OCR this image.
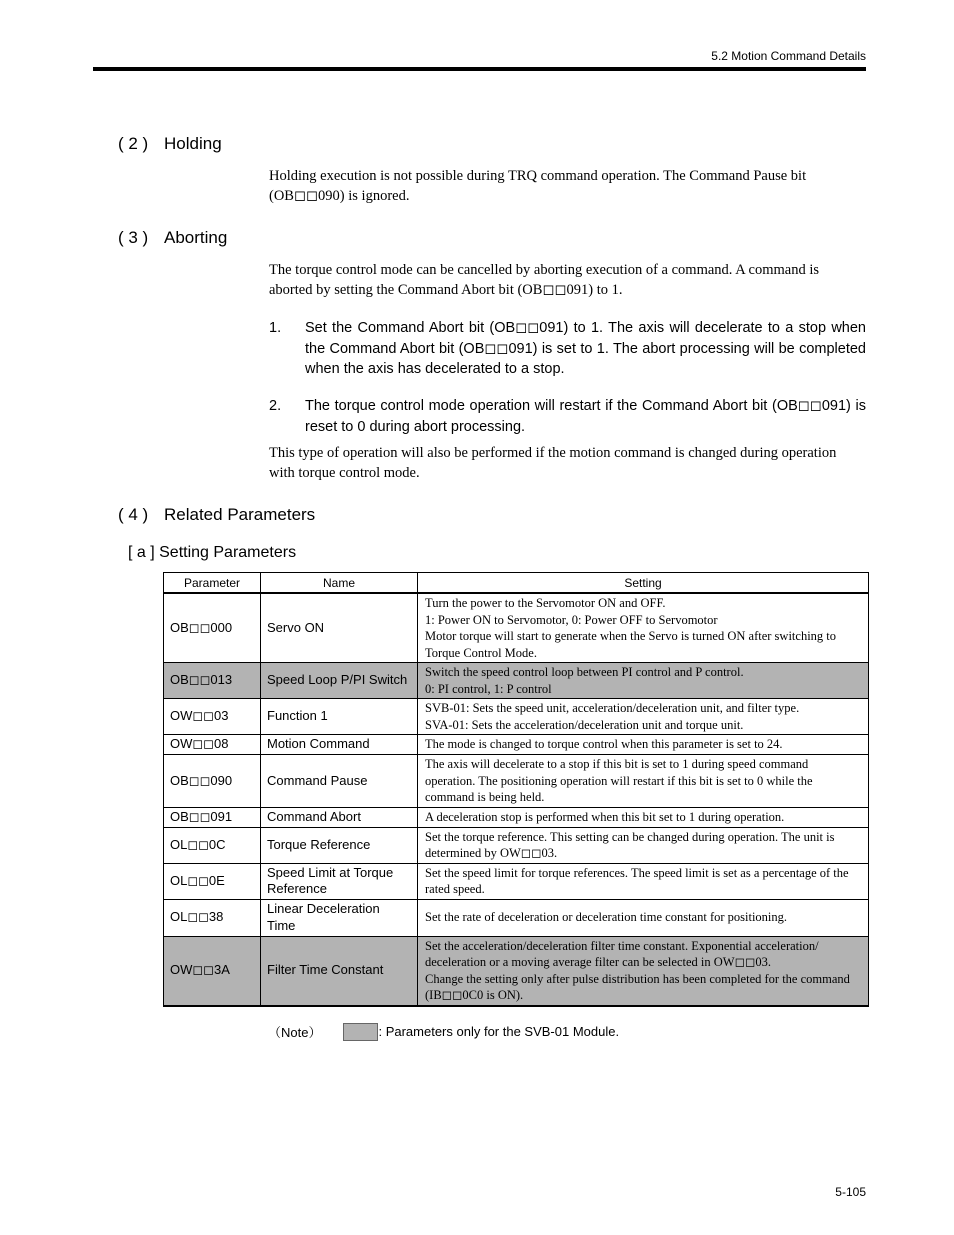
5.2 Motion Command Details
( 2 ) Holding
Holding execution is not possible during TRQ command operation. The Command Pause bit (OB◻◻090) is ignored.
( 3 ) Aborting
The torque control mode can be cancelled by aborting execution of a command. A command is aborted by setting the Command Abort bit (OB◻◻091) to 1.
1.	Set the Command Abort bit (OB◻◻091) to 1. The axis will decelerate to a stop when the Command Abort bit (OB◻◻091) is set to 1. The abort processing will be completed when the axis has decelerated to a stop.
2.	The torque control mode operation will restart if the Command Abort bit (OB◻◻091) is reset to 0 during abort processing.
This type of operation will also be performed if the motion command is changed during operation with torque control mode.
( 4 ) Related Parameters
[ a ] Setting Parameters
Parameter	Name	Setting
OB◻◻000	Servo ON	Turn the power to the Servomotor ON and OFF.
1: Power ON to Servomotor, 0: Power OFF to Servomotor
Motor torque will start to generate when the Servo is turned ON after switching to Torque Control Mode.

OB◻◻013	Speed Loop P/PI Switch	Switch the speed control loop between PI control and P control.
0: PI control, 1: P control

OW◻◻03	Function 1	SVB-01: Sets the speed unit, acceleration/deceleration unit, and filter type.
SVA-01: Sets the acceleration/deceleration unit and torque unit.

OW◻◻08	Motion Command	The mode is changed to torque control when this parameter is set to 24.

OB◻◻090	Command Pause	The axis will decelerate to a stop if this bit is set to 1 during speed command operation. The positioning operation will restart if this bit is set to 0 while the command is being held.

OB◻◻091	Command Abort	A deceleration stop is performed when this bit set to 1 during operation.

OL◻◻0C	Torque Reference	Set the torque reference. This setting can be changed during operation. The unit is determined by OW◻◻03.

OL◻◻0E	Speed Limit at Torque Reference	Set the speed limit for torque references. The speed limit is set as a percentage of the rated speed.

OL◻◻38	Linear Deceleration Time	Set the rate of deceleration or deceleration time constant for positioning.

OW◻◻3A	Filter Time Constant	Set the acceleration/deceleration filter time constant. Exponential acceleration/ deceleration or a moving average filter can be selected in OW◻◻03.
Change the setting only after pulse distribution has been completed for the command (IB◻◻0C0 is ON).
（Note）	: Parameters only for the SVB-01 Module.
5-105
